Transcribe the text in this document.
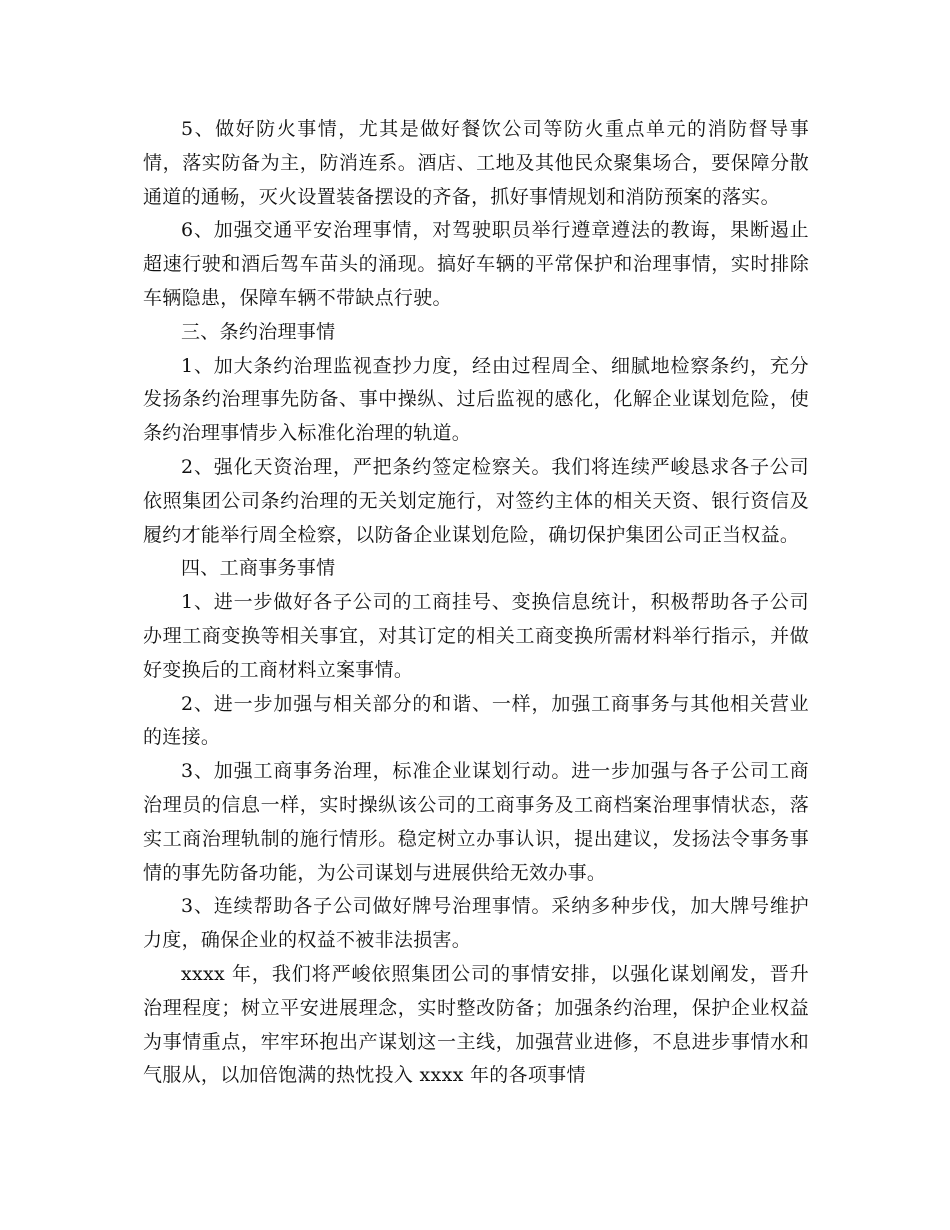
5、做好防火事情，尤其是做好餐饮公司等防火重点单元的消防督导事情，落实防备为主，防消连系。酒店、工地及其他民众聚集场合，要保障分散通道的通畅，灭火设置装备摆设的齐备，抓好事情规划和消防预案的落实。

6、加强交通平安治理事情，对驾驶职员举行遵章遵法的教诲，果断遏止超速行驶和酒后驾车苗头的涌现。搞好车辆的平常保护和治理事情，实时排除车辆隐患，保障车辆不带缺点行驶。

三、条约治理事情

1、加大条约治理监视查抄力度，经由过程周全、细腻地检察条约，充分发扬条约治理事先防备、事中操纵、过后监视的感化，化解企业谋划危险，使条约治理事情步入标准化治理的轨道。

2、强化天资治理，严把条约签定检察关。我们将连续严峻恳求各子公司依照集团公司条约治理的无关划定施行，对签约主体的相关天资、银行资信及履约才能举行周全检察，以防备企业谋划危险，确切保护集团公司正当权益。

四、工商事务事情

1、进一步做好各子公司的工商挂号、变换信息统计，积极帮助各子公司办理工商变换等相关事宜，对其订定的相关工商变换所需材料举行指示，并做好变换后的工商材料立案事情。

2、进一步加强与相关部分的和谐、一样，加强工商事务与其他相关营业的连接。

3、加强工商事务治理，标准企业谋划行动。进一步加强与各子公司工商治理员的信息一样，实时操纵该公司的工商事务及工商档案治理事情状态，落实工商治理轨制的施行情形。稳定树立办事认识，提出建议，发扬法令事务事情的事先防备功能，为公司谋划与进展供给无效办事。

3、连续帮助各子公司做好牌号治理事情。采纳多种步伐，加大牌号维护力度，确保企业的权益不被非法损害。

xxxx 年，我们将严峻依照集团公司的事情安排，以强化谋划阐发，晋升治理程度；树立平安进展理念，实时整改防备；加强条约治理，保护企业权益为事情重点，牢牢环抱出产谋划这一主线，加强营业进修，不息进步事情水和气服从，以加倍饱满的热忱投入 xxxx 年的各项事情
